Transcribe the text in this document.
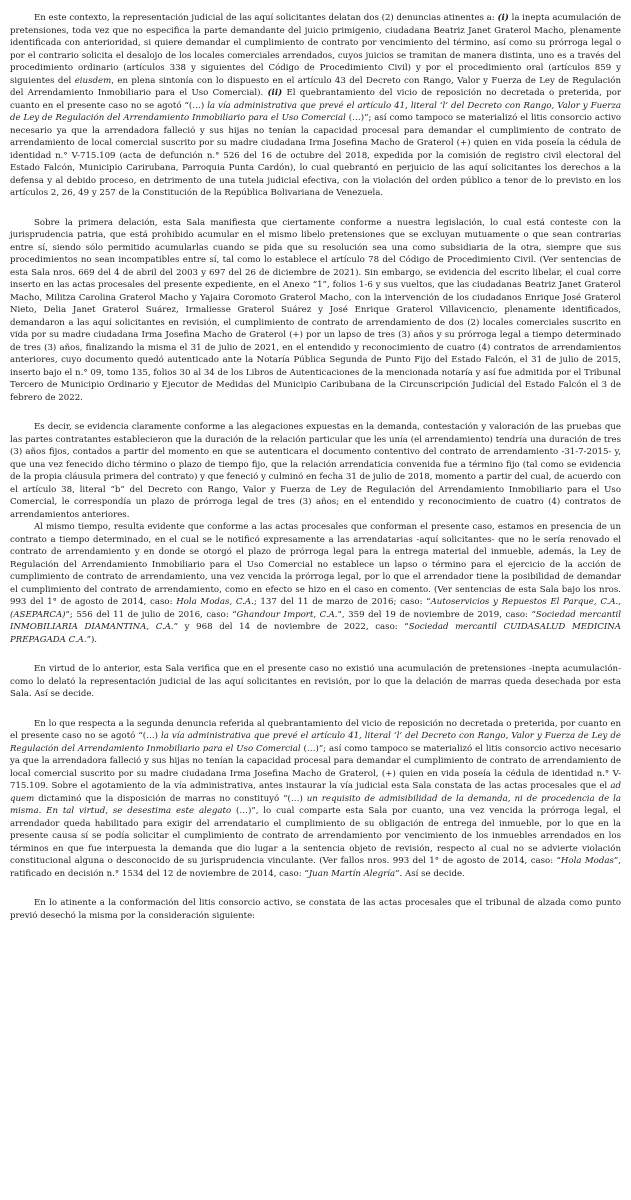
En este contexto, la representación judicial de las aquí solicitantes delatan dos (2) denuncias atinentes a: (i) la inepta acumulación de pretensiones, toda vez que no especifica la parte demandante del juicio primigenio, ciudadana Beatriz Janet Graterol Macho, plenamente identificada con anterioridad, si quiere demandar el cumplimiento de contrato por vencimiento del término, así como su prórroga legal o por el contrario solicita el desalojo de los locales comerciales arrendados, cuyos juicios se tramitan de manera distinta, uno es a través del procedimiento ordinario (artículos 338 y siguientes del Código de Procedimiento Civil) y por el procedimiento oral (artículos 859 y siguientes del eiusdem, en plena sintonía con lo dispuesto en el artículo 43 del Decreto con Rango, Valor y Fuerza de Ley de Regulación del Arrendamiento Inmobiliario para el Uso Comercial). (ii) El quebrantamiento del vicio de reposición no decretada o preterida, por cuanto en el presente caso no se agotó “(…) la vía administrativa que prevé el artículo 41, literal ‘l’ del Decreto con Rango, Valor y Fuerza de Ley de Regulación del Arrendamiento Inmobiliario para el Uso Comercial (…)”; así como tampoco se materializó el litis consorcio activo necesario ya que la arrendadora falleció y sus hijas no tenían la capacidad procesal para demandar el cumplimiento de contrato de arrendamiento de local comercial suscrito por su madre ciudadana Irma Josefina Macho de Graterol (+) quien en vida poseía la cédula de identidad n.° V-715.109 (acta de defunción n.° 526 del 16 de octubre del 2018, expedida por la comisión de registro civil electoral del Estado Falcón, Municipio Carirubana, Parroquia Punta Cardón), lo cual quebrantó en perjuicio de las aquí solicitantes los derechos a la defensa y al debido proceso, en detrimento de una tutela judicial efectiva, con la violación del orden público a tenor de lo previsto en los artículos 2, 26, 49 y 257 de la Constitución de la República Bolivariana de Venezuela.

Sobre la primera delación, esta Sala manifiesta que ciertamente conforme a nuestra legislación, lo cual está conteste con la jurisprudencia patria, que está prohibido acumular en el mismo libelo pretensiones que se excluyan mutuamente o que sean contrarias entre sí, siendo sólo permitido acumularlas cuando se pida que su resolución sea una como subsidiaria de la otra, siempre que sus procedimientos no sean incompatibles entre sí, tal como lo establece el artículo 78 del Código de Procedimiento Civil. (Ver sentencias de esta Sala nros. 669 del 4 de abril del 2003 y 697 del 26 de diciembre de 2021). Sin embargo, se evidencia del escrito libelar, el cual corre inserto en las actas procesales del presente expediente, en el Anexo “1”, folios 1-6 y sus vueltos, que las ciudadanas Beatriz Janet Graterol Macho, Militza Carolina Graterol Macho y Yajaira Coromoto Graterol Macho, con la intervención de los ciudadanos Enrique José Graterol Nieto, Delia Janet Graterol Suárez, Irmaliesse Graterol Suárez y José Enrique Graterol Villavicencio, plenamente identificados, demandaron a las aquí solicitantes en revisión, el cumplimiento de contrato de arrendamiento de dos (2) locales comerciales suscrito en vida por su madre ciudadana Irma Josefina Macho de Graterol (+) por un lapso de tres (3) años y su prórroga legal a tiempo determinado de tres (3) años, finalizando la misma el 31 de julio de 2021, en el entendido y reconocimiento de cuatro (4) contratos de arrendamientos anteriores, cuyo documento quedó autenticado ante la Notaría Pública Segunda de Punto Fijo del Estado Falcón, el 31 de julio de 2015, inserto bajo el n.° 09, tomo 135, folios 30 al 34 de los Libros de Autenticaciones de la mencionada notaría y así fue admitida por el Tribunal Tercero de Municipio Ordinario y Ejecutor de Medidas del Municipio Caribubana de la Circunscripción Judicial del Estado Falcón el 3 de febrero de 2022.

Es decir, se evidencia claramente conforme a las alegaciones expuestas en la demanda, contestación y valoración de las pruebas que las partes contratantes establecieron que la duración de la relación particular que les unía (el arrendamiento) tendría una duración de tres (3) años fijos, contados a partir del momento en que se autenticara el documento contentivo del contrato de arrendamiento -31-7-2015- y, que una vez fenecido dicho término o plazo de tiempo fijo, que la relación arrendaticia convenida fue a término fijo (tal como se evidencia de la propia cláusula primera del contrato) y que feneció y culminó en fecha 31 de julio de 2018, momento a partir del cual, de acuerdo con el artículo 38, literal “b” del Decreto con Rango, Valor y Fuerza de Ley de Regulación del Arrendamiento Inmobiliario para el Uso Comercial, le correspondía un plazo de prórroga legal de tres (3) años; en el entendido y reconocimiento de cuatro (4) contratos de arrendamientos anteriores.

Al mismo tiempo, resulta evidente que conforme a las actas procesales que conforman el presente caso, estamos en presencia de un contrato a tiempo determinado, en el cual se le notificó expresamente a las arrendatarias -aquí solicitantes- que no le sería renovado el contrato de arrendamiento y en donde se otorgó el plazo de prórroga legal para la entrega material del inmueble, además, la Ley de Regulación del Arrendamiento Inmobiliario para el Uso Comercial no establece un lapso o término para el ejercicio de la acción de cumplimiento de contrato de arrendamiento, una vez vencida la prórroga legal, por lo que el arrendador tiene la posibilidad de demandar el cumplimiento del contrato de arrendamiento, como en efecto se hizo en el caso en comento. (Ver sentencias de esta Sala bajo los nros. 993 del 1° de agosto de 2014, caso: Hola Modas, C.A.; 137 del 11 de marzo de 2016; caso: “Autoservicios y Repuestos El Parque, C.A., (ASEPARCA)”; 556 del 11 de julio de 2016, caso: “Ghandour Import, C.A.”, 359 del 19 de noviembre de 2019, caso: “Sociedad mercantil INMOBILIARIA DIAMANTINA, C.A.” y 968 del 14 de noviembre de 2022, caso: “Sociedad mercantil CUIDASALUD MEDICINA PREPAGADA C.A.”).

En virtud de lo anterior, esta Sala verifica que en el presente caso no existió una acumulación de pretensiones -inepta acumulación- como lo delató la representación judicial de las aquí solicitantes en revisión, por lo que la delación de marras queda desechada por esta Sala. Así se decide.

En lo que respecta a la segunda denuncia referida al quebrantamiento del vicio de reposición no decretada o preterida, por cuanto en el presente caso no se agotó “(…) la vía administrativa que prevé el artículo 41, literal ‘l’ del Decreto con Rango, Valor y Fuerza de Ley de Regulación del Arrendamiento Inmobiliario para el Uso Comercial (…)”; así como tampoco se materializó el litis consorcio activo necesario ya que la arrendadora falleció y sus hijas no tenían la capacidad procesal para demandar el cumplimiento de contrato de arrendamiento de local comercial suscrito por su madre ciudadana Irma Josefina Macho de Graterol, (+) quien en vida poseía la cédula de identidad n.° V-715.109. Sobre el agotamiento de la vía administrativa, antes instaurar la vía judicial esta Sala constata de las actas procesales que el ad quem dictaminó que la disposición de marras no constituyó “(…) un requisito de admisibilidad de la demanda, ni de procedencia de la misma. En tal virtud, se desestima este alegato (…)”, lo cual comparte esta Sala por cuanto, una vez vencida la prórroga legal, el arrendador queda habilitado para exigir del arrendatario el cumplimiento de su obligación de entrega del inmueble, por lo que en la presente causa sí se podía solicitar el cumplimiento de contrato de arrendamiento por vencimiento de los inmuebles arrendados en los términos en que fue interpuesta la demanda que dio lugar a la sentencia objeto de revisión, respecto al cual no se advierte violación constitucional alguna o desconocido de su jurisprudencia vinculante. (Ver fallos nros. 993 del 1° de agosto de 2014, caso: “Hola Modas”, ratificado en decisión n.° 1534 del 12 de noviembre de 2014, caso: “Juan Martín Alegría”. Así se decide.

En lo atinente a la conformación del litis consorcio activo, se constata de las actas procesales que el tribunal de alzada como punto previó desechó la misma por la consideración siguiente:
